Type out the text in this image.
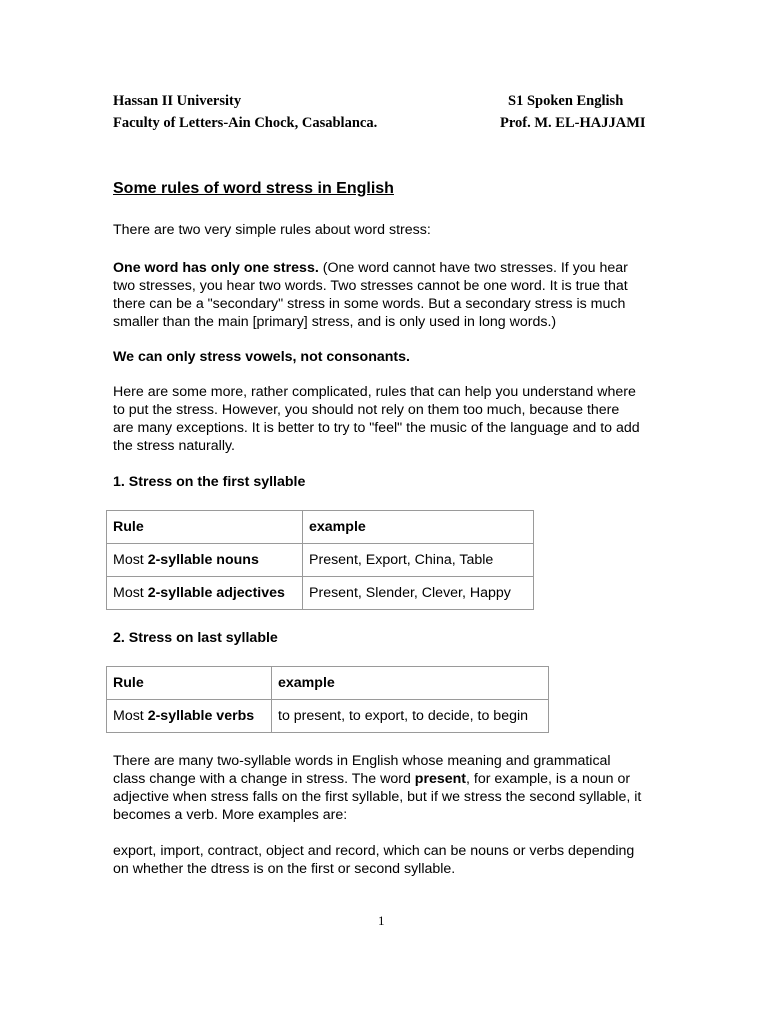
Hassan II University
Faculty of Letters-Ain Chock, Casablanca.
S1 Spoken English
Prof. M. EL-HAJJAMI
Some rules of word stress in English
There are two very simple rules about word stress:
One word has only one stress. (One word cannot have two stresses. If you hear two stresses, you hear two words. Two stresses cannot be one word. It is true that there can be a "secondary" stress in some words. But a secondary stress is much smaller than the main [primary] stress, and is only used in long words.)
We can only stress vowels, not consonants.
Here are some more, rather complicated, rules that can help you understand where to put the stress. However, you should not rely on them too much, because there are many exceptions. It is better to try to "feel" the music of the language and to add the stress naturally.
1. Stress on the first syllable
Rule	example
Most 2-syllable nouns	Present, Export, China, Table
Most 2-syllable adjectives	Present, Slender, Clever, Happy
2. Stress on last syllable
Rule	example
Most 2-syllable verbs	to present, to export, to decide, to begin
There are many two-syllable words in English whose meaning and grammatical class change with a change in stress. The word present, for example, is a noun or adjective when stress falls on the first syllable, but if we stress the second syllable, it becomes a verb. More examples are:
export, import, contract, object and record, which can be nouns or verbs depending on whether the dtress is on the first or second syllable.
1
